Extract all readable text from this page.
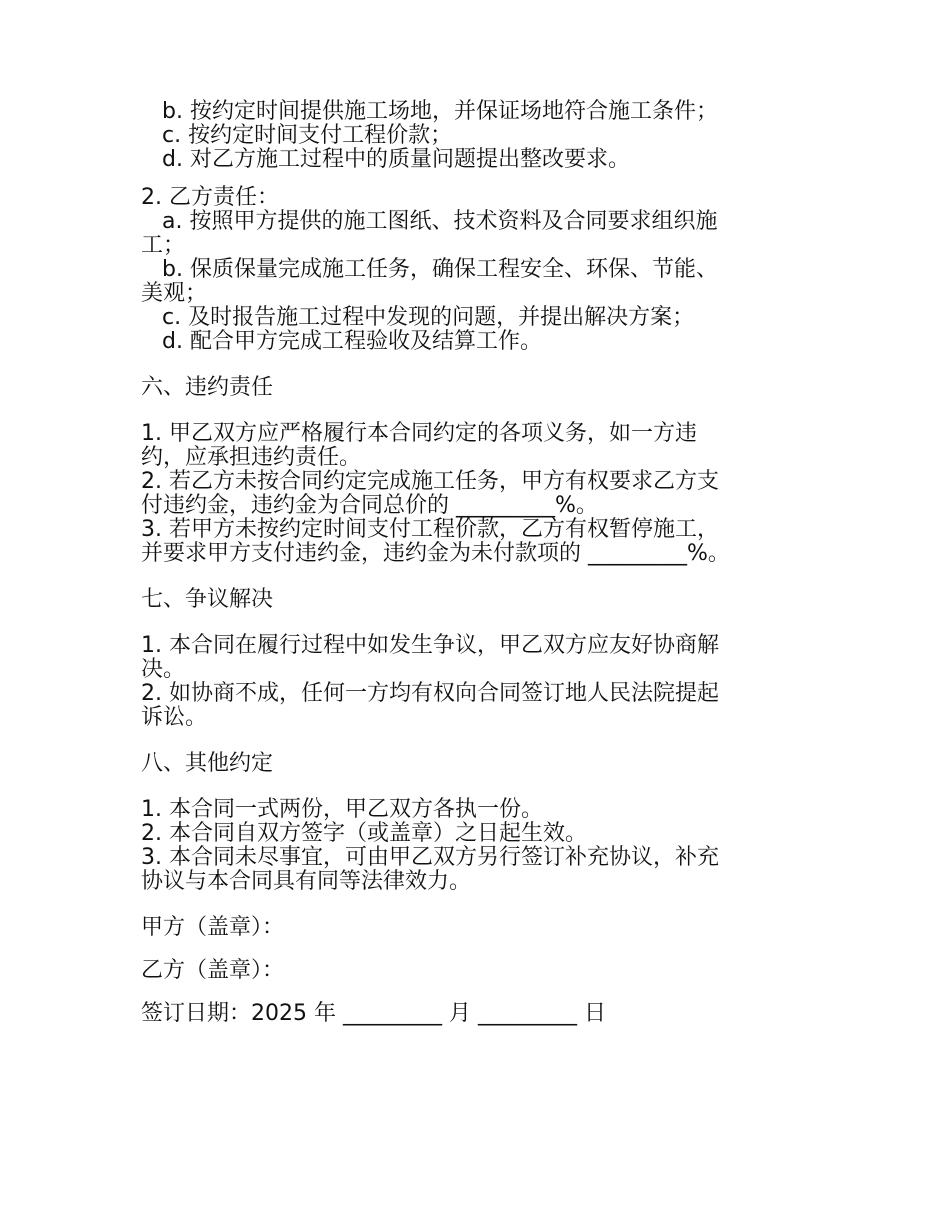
b. 按约定时间提供施工场地，并保证场地符合施工条件；

c. 按约定时间支付工程价款；

d. 对乙方施工过程中的质量问题提出整改要求。

2. 乙方责任：

a. 按照甲方提供的施工图纸、技术资料及合同要求组织施

工；

b. 保质保量完成施工任务，确保工程安全、环保、节能、

美观；

c. 及时报告施工过程中发现的问题，并提出解决方案；

d. 配合甲方完成工程验收及结算工作。

六、违约责任

1. 甲乙双方应严格履行本合同约定的各项义务，如一方违

约，应承担违约责任。

2. 若乙方未按合同约定完成施工任务，甲方有权要求乙方支

付违约金，违约金为合同总价的 _________%。

3. 若甲方未按约定时间支付工程价款，乙方有权暂停施工，

并要求甲方支付违约金，违约金为未付款项的 _________%。

七、争议解决

1. 本合同在履行过程中如发生争议，甲乙双方应友好协商解

决。

2. 如协商不成，任何一方均有权向合同签订地人民法院提起

诉讼。

八、其他约定

1. 本合同一式两份，甲乙双方各执一份。

2. 本合同自双方签字（或盖章）之日起生效。

3. 本合同未尽事宜，可由甲乙双方另行签订补充协议，补充

协议与本合同具有同等法律效力。

甲方（盖章）：

乙方（盖章）：

签订日期：2025 年 _________ 月 _________ 日
